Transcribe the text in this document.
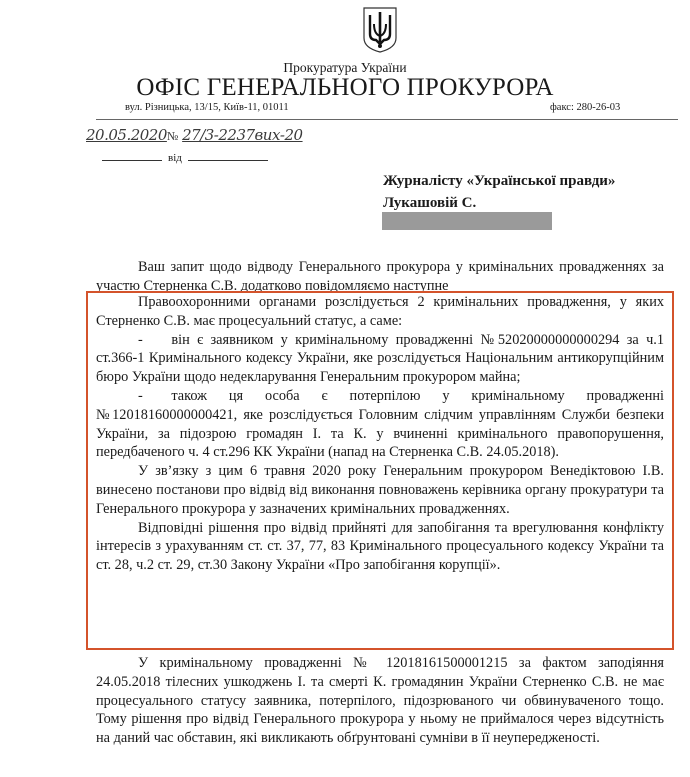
Прокуратура України
ОФІС ГЕНЕРАЛЬНОГО ПРОКУРОРА
вул. Різницька, 13/15, Київ-11, 01011	факс: 280-26-03
20.05.2020№ 27/3-2237вих-20
від
Журналісту «Української правди»
Лукашовій С.

Ваш запит щодо відводу Генерального прокурора у кримінальних провадженнях за участю Стерненка С.В. додатково повідомляємо наступне

Правоохоронними органами розслідується 2 кримінальних провадження, у яких Стерненко С.В. має процесуальний статус, а саме:

-  він є заявником у кримінальному провадженні №52020000000000294 за ч.1 ст.366-1 Кримінального кодексу України, яке розслідується Національним антикорупційним бюро України щодо недекларування Генеральним прокурором майна;

-  також ця особа є потерпілою у кримінальному провадженні №12018160000000421, яке розслідується Головним слідчим управлінням Служби безпеки України, за підозрою громадян І. та К. у вчиненні кримінального правопорушення, передбаченого ч. 4 ст.296 КК України (напад на Стерненка С.В. 24.05.2018).

У зв’язку з цим 6 травня 2020 року Генеральним прокурором Венедіктовою І.В. винесено постанови про відвід від виконання повноважень керівника органу прокуратури та Генерального прокурора у зазначених кримінальних провадженнях.

Відповідні рішення про відвід прийняті для запобігання та врегулювання конфлікту інтересів з урахуванням ст. ст. 37, 77, 83 Кримінального процесуального кодексу України та ст. 28, ч.2 ст. 29, ст.30 Закону України «Про запобігання корупції».

У кримінальному провадженні № 12018161500001215 за фактом заподіяння 24.05.2018 тілесних ушкоджень І. та смерті К. громадянин України Стерненко С.В. не має процесуального статусу заявника, потерпілого, підозрюваного чи обвинуваченого тощо. Тому рішення про відвід Генерального прокурора у ньому не приймалося через відсутність на даний час обставин, які викликають обґрунтовані сумніви в її неупередженості.
